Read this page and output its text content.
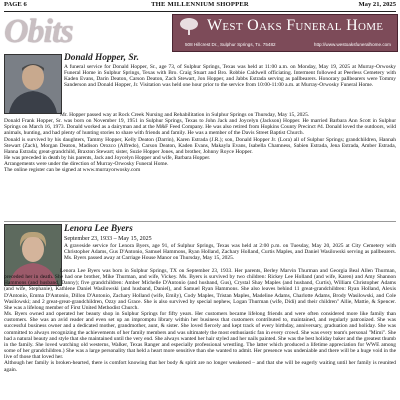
PAGE 6	THE MILLENNIUM SHOPPER	May 21, 2025
Obits	West Oaks Funeral Home
508 Hillcrest Dr., Sulphur Springs, Tx. 75482	http://www.westoaksfuneralhome.com
Donald Hopper, Sr.

A funeral service for Donald Hopper, Sr., age 73, of Sulphur Springs, Texas was held at 11:00 a.m. on Monday, May 19, 2025 at Murray-Orwosky Funeral Home in Sulphur Springs, Texas with Bro. Craig Stuart and Bro. Robbie Caldwell officiating. Interment followed at Peerless Cemetery with Kaden Evans, Darin Deaton, Carson Deaton, Zach Stewart, Jon Hopper, and Jabbs Estrada serving as pallbearers. Honorary pallbearers were Tommy Sanderson and Donald Hopper, Jr. Visitation was held one hour prior to the service from 10:00-11:00 a.m. at Murray-Orwosky Funeral Home.

Mr. Hopper passed way at Rock Creek Nursing and Rehabilitation in Sulphur Springs on Thursday, May 15, 2025.

Donald Frank Hopper, Sr. was born on November 19, 1951 in Sulphur Springs, Texas to John Jack and Joycelyn (Jackson) Hopper. He married Barbara Ann Scott in Sulphur Springs on March 16, 1973. Donald worked as a dairyman and at the M&F Feed Company. He was also retired from Hopkins County Precinct #4. Donald loved the outdoors, wild animals, hunting, and had plenty of hunting stories to share with friends and family. He was a member of the Davis Street Baptist Church.

Donald is survived by his daughters, Tammy Hopper, Kelly Deaton (Darrin), Karen Estrada (J.R.); son, Donald Hopper Jr. (Lora) all of Sulphur Springs; grandchildren, Hannah Stewart (Zach), Morgan Deaton, Madison Orozco (Alfredo), Carson Deaton, Kaden Evans, Makayla Evans, Isabella Chamness, Sabien Estrada, Jena Estrada, Amber Estrada, Hanna Estrada; great-grandchild, Braxton Stewart; sister, Suzie Hopper Jones, and brother, Johnny Royce Hopper.

He was preceded in death by his parents, Jack and Joycelyn Hopper and wife, Barbara Hopper.

Arrangements were under the direction of Murray-Orwosky Funeral Home.

The online register can be signed at www.murrayorwosky.com

Lenora Lee Byers
September 23, 1933 – May 15, 2025

A graveside service for Lenora Byers, age 91, of Sulphur Springs, Texas was held at 2:00 p.m. on Tuesday, May 20, 2025 at City Cemetery with Christopher Adams, Gus D'Antonio, Samuel Hammons, Ryan Holland, Zachary Holland, Curtis Maples, and Daniel Wasilowski serving as pallbearers. Ms. Byers passed away at Carriage House Manor on Thursday, May 15, 2025.

Lenora Lee Byers was born in Sulphur Springs, TX on September 23, 1933. Her parents, Berley Marvin Thurman and Georgia Beal Allen Thurman, preceded her in death. She had one brother, Mike Thurman, and wife, Vickey. Ms. Byers is survived by two children: Rickey Lee Holland (and wife, Karen) and Amy Shannon Hammons (and husband, Danny); five grandchildren: Amber Michelle D'Antonio (and husband, Gus), Crystal Shay Maples (and husband, Curtis), William Christopher Adams (and wife, Stephanie), Kathlene Daniel Wasilowski (and husband, Daniel), and Samuel Ryan Hammons. She also leaves behind 11 great-grandchildren: Ryan Holland, Alexis D'Antonio, Emma D'Antonio, Dillon D'Antonio, Zachary Holland (wife, Emily), Cody Maples, Tristan Maples, Madeline Adams, Charlotte Adams, Brody Wasilowski, and Cole Wasilowski; and 2 great-great-grandchildren, Ozzy and Grace. She is also survived by special nephew, Logan Thurman (wife, Didi) and their children" Allie, Mattie, & Spencer. She was a lifelong member of First United Methodist Church.

Ms. Byers owned and operated her beauty shop in Sulphur Springs for fifty years. Her customers became lifelong friends and were often considered more like family than customers. She was an avid reader and even set up an impromptu library within her business that customers contributed to, maintained, and regularly patronized. She was successful business owner and a dedicated mother, grandmother, aunt, & sister. She loved fiercely and kept track of every birthday, anniversary, graduation and holiday. She was committed to always recognizing the achievements of her family members and was ultimately the most enthusiastic fan in every crowd. She was every team's personal "Mimi". She had a natural beauty and style that she maintained until the very end. She always wanted her hair styled and her nails painted. She was the best holiday baker and the greatest thumb in the family. She loved watching old westerns, Walker, Texas Ranger and especially professional wrestling. The latter which produced a lifetime appreciation for WWE among some of her grandchildren.) She was a large personality that held a heart more sensitive than she wanted to admit. Her presence was undeniable and there will be a huge void in the live of those that loved her.

Although her family is broken-hearted, there is comfort knowing that her body & spirit are no longer weakened – and that she will be eagerly waiting until her family is reunited again.
